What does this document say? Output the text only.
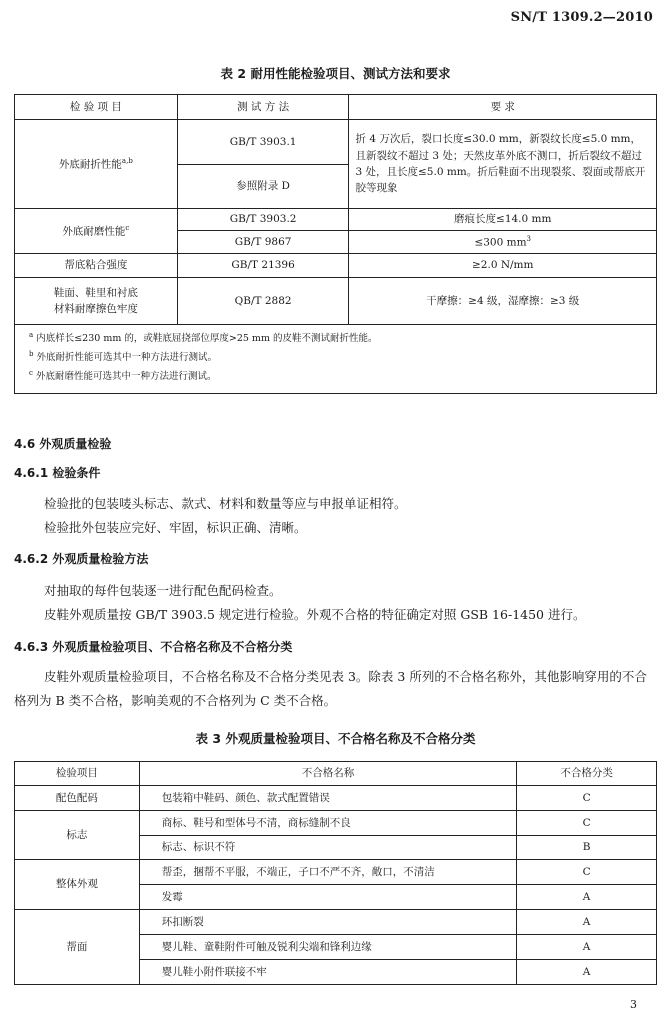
SN/T 1309.2—2010
表 2 耐用性能检验项目、测试方法和要求
检 验 项 目	测 试 方 法	要 求
外底耐折性能$^{a,b}$	GB/T 3903.1	折 4 万次后，裂口长度≤30.0 mm，新裂纹长度≤5.0 mm，且新裂纹不超过 3 处；天然皮革外底不测口，折后裂纹不超过 3 处，且长度≤5.0 mm。折后鞋面不出现裂浆、裂面或帮底开胶等现象
	参照附录 D	
外底耐磨性能$^c$	GB/T 3903.2	磨痕长度≤14.0 mm
	GB/T 9867	≤300 $mm^3$
帮底粘合强度	GB/T 21396	≥2.0 N/mm
鞋面、鞋里和衬底
材料耐摩擦色牢度	QB/T 2882	干摩擦：≥4 级，湿摩擦：≥3 级

$^a$ 内底样长≤230 mm 的，或鞋底屈挠部位厚度>25 mm 的皮鞋不测试耐折性能。
$^b$ 外底耐折性能可选其中一种方法进行测试。
$^c$ 外底耐磨性能可选其中一种方法进行测试。		
4.6 外观质量检验
4.6.1 检验条件
检验批的包装唛头标志、款式、材料和数量等应与申报单证相符。
检验批外包装应完好、牢固，标识正确、清晰。
4.6.2 外观质量检验方法
对抽取的每件包装逐一进行配色配码检查。
皮鞋外观质量按 GB/T 3903.5 规定进行检验。外观不合格的特征确定对照 GSB 16-1450 进行。
4.6.3 外观质量检验项目、不合格名称及不合格分类
皮鞋外观质量检验项目，不合格名称及不合格分类见表 3。除表 3 所列的不合格名称外，其他影响穿用的不合格列为 B 类不合格，影响美观的不合格列为 C 类不合格。
表 3 外观质量检验项目、不合格名称及不合格分类
检验项目	不合格名称	不合格分类
配色配码	包装箱中鞋码、颜色、款式配置错误	C
标志	商标、鞋号和型体号不清，商标缝制不良	C
	标志、标识不符	B
整体外观	帮歪，捆帮不平服，不端正，子口不严不齐，敞口，不清洁	C
	发霉	A
帮面	环扣断裂	A
	婴儿鞋、童鞋附件可触及锐利尖端和锋利边缘	A
	婴儿鞋小附件联接不牢	A
3
